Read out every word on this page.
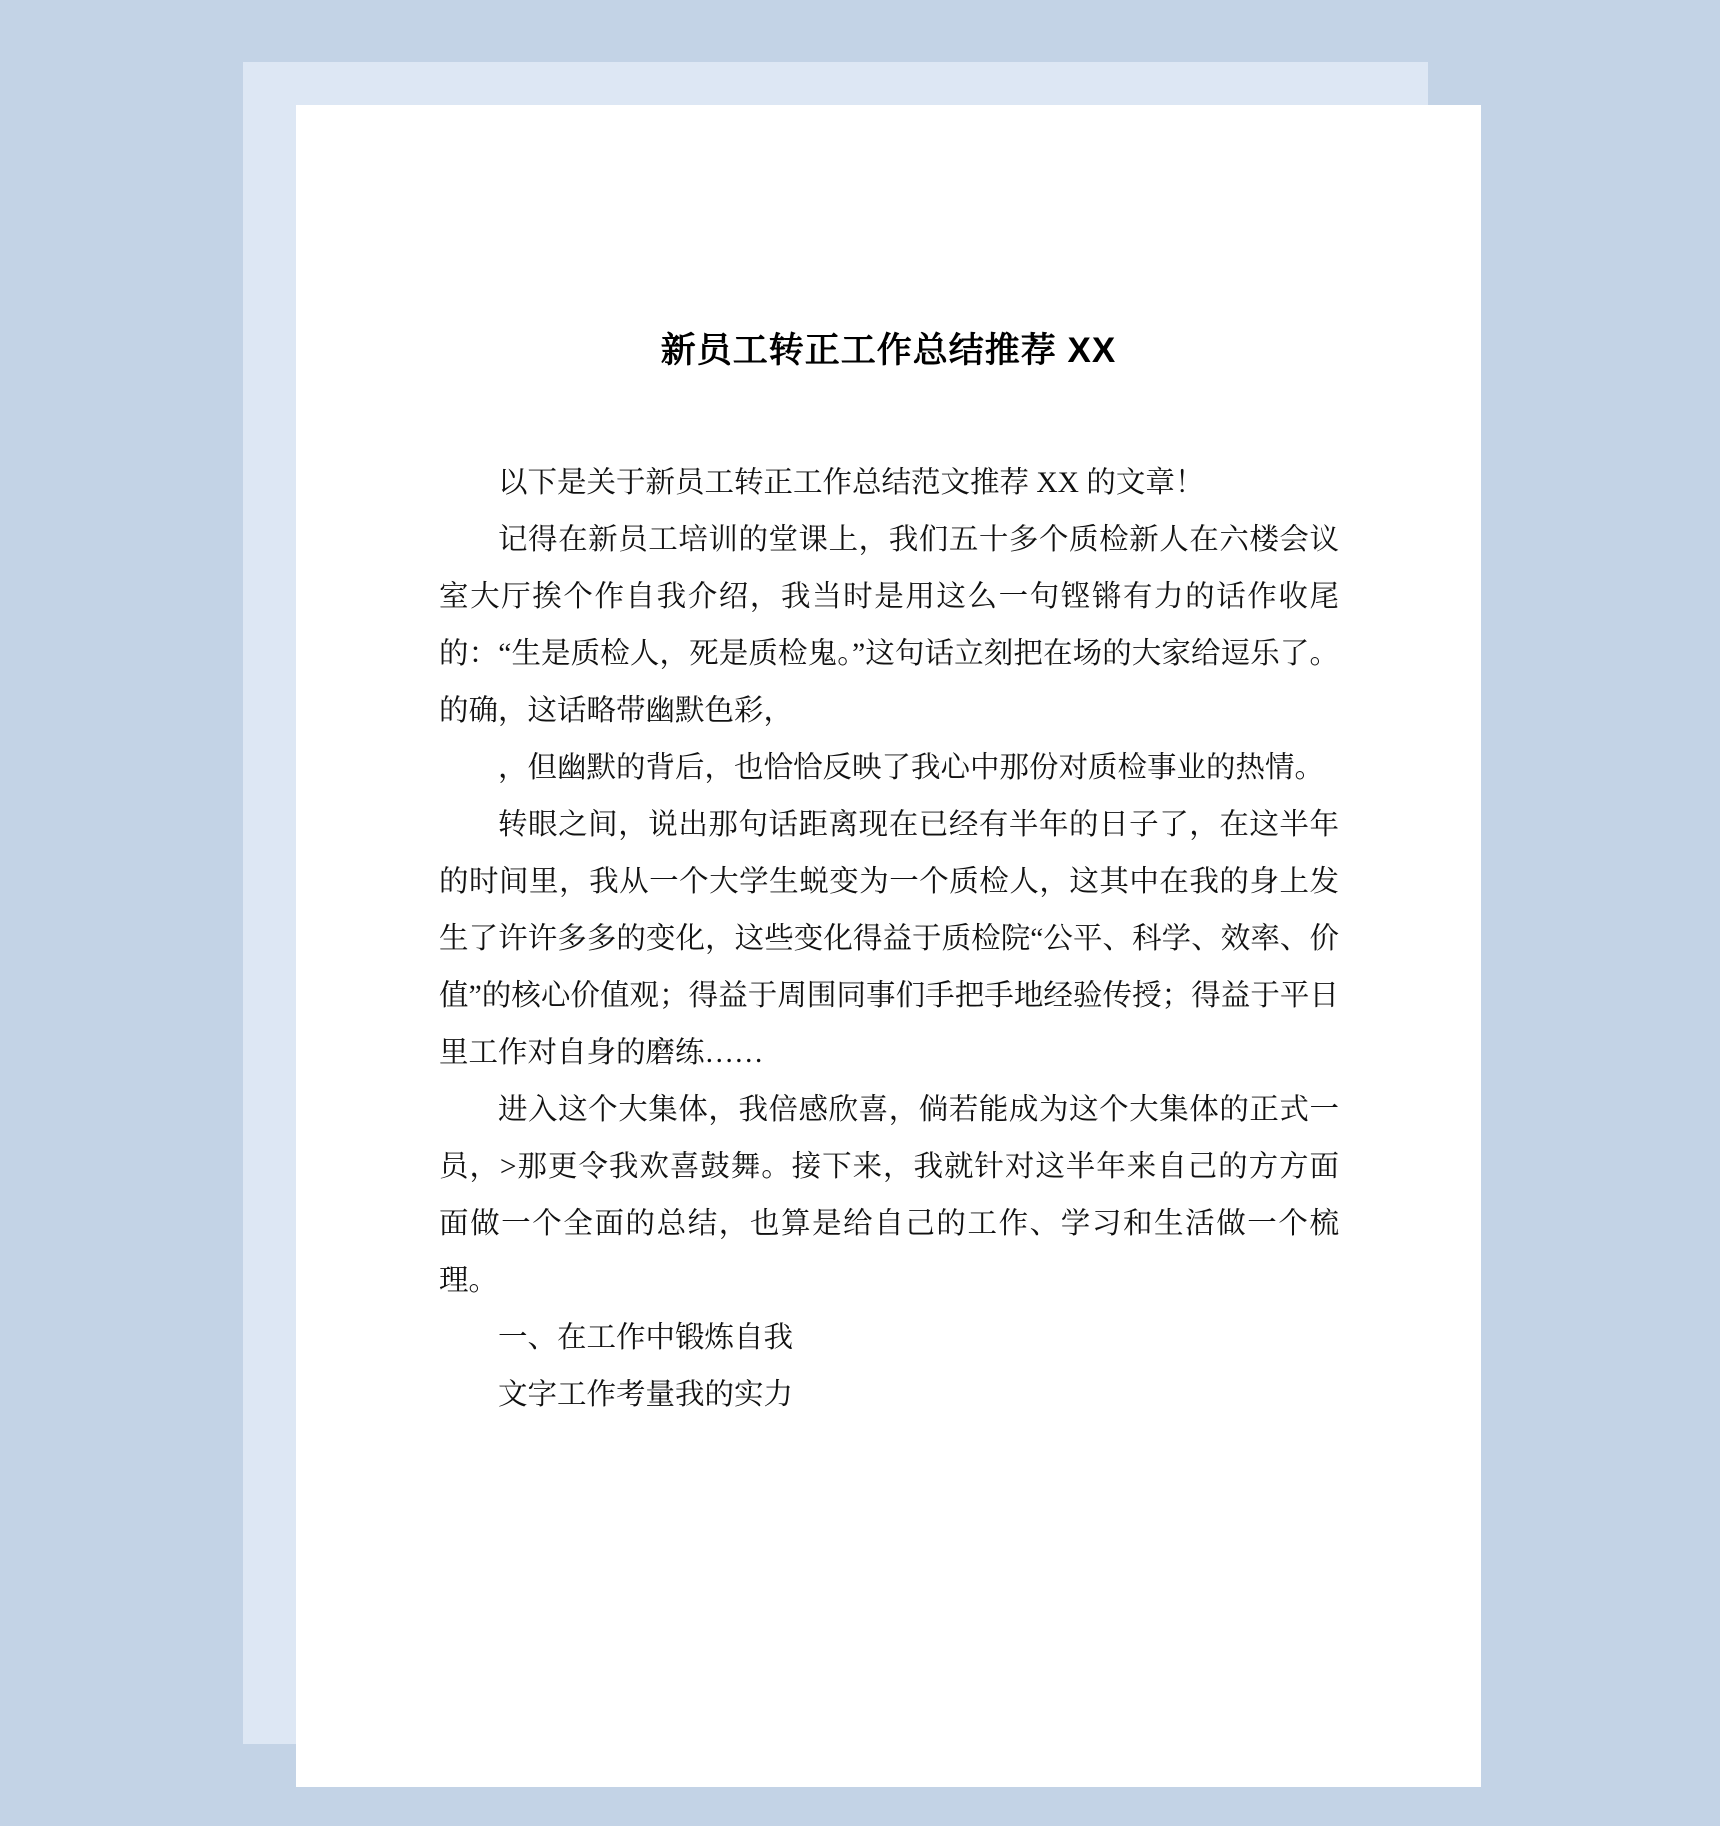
新员工转正工作总结推荐 XX

以下是关于新员工转正工作总结范文推荐 XX 的文章！

记得在新员工培训的堂课上，我们五十多个质检新人在六楼会议室大厅挨个作自我介绍，我当时是用这么一句铿锵有力的话作收尾的：“生是质检人，死是质检鬼。”这句话立刻把在场的大家给逗乐了。的确，这话略带幽默色彩，

，但幽默的背后，也恰恰反映了我心中那份对质检事业的热情。

转眼之间，说出那句话距离现在已经有半年的日子了，在这半年的时间里，我从一个大学生蜕变为一个质检人，这其中在我的身上发生了许许多多的变化，这些变化得益于质检院“公平、科学、效率、价值”的核心价值观；得益于周围同事们手把手地经验传授；得益于平日里工作对自身的磨练……

进入这个大集体，我倍感欣喜，倘若能成为这个大集体的正式一员，>那更令我欢喜鼓舞。接下来，我就针对这半年来自己的方方面面做一个全面的总结，也算是给自己的工作、学习和生活做一个梳理。

一、在工作中锻炼自我

文字工作考量我的实力
